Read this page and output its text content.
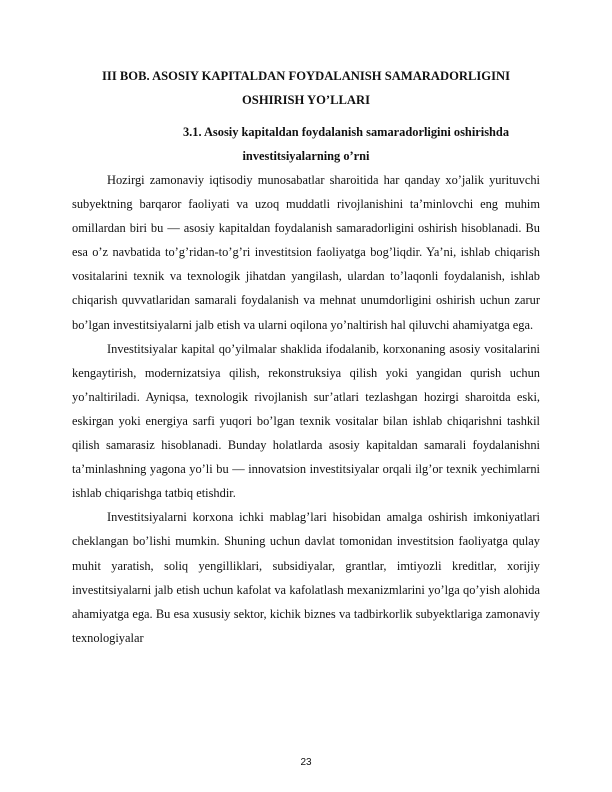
III BOB. ASOSIY KAPITALDAN FOYDALANISH SAMARADORLIGINI
OSHIRISH YO’LLARI
3.1. Asosiy kapitaldan foydalanish samaradorligini oshirishda
investitsiyalarning o’rni

Hozirgi zamonaviy iqtisodiy munosabatlar sharoitida har qanday xo’jalik yurituvchi subyektning barqaror faoliyati va uzoq muddatli rivojlanishini ta’minlovchi eng muhim omillardan biri bu — asosiy kapitaldan foydalanish samaradorligini oshirish hisoblanadi. Bu esa o’z navbatida to’g’ridan-to’g’ri investitsion faoliyatga bog’liqdir. Ya’ni, ishlab chiqarish vositalarini texnik va texnologik jihatdan yangilash, ulardan to’laqonli foydalanish, ishlab chiqarish quvvatlaridan samarali foydalanish va mehnat unumdorligini oshirish uchun zarur bo’lgan investitsiyalarni jalb etish va ularni oqilona yo’naltirish hal qiluvchi ahamiyatga ega.

Investitsiyalar kapital qo’yilmalar shaklida ifodalanib, korxonaning asosiy vositalarini kengaytirish, modernizatsiya qilish, rekonstruksiya qilish yoki yangidan qurish uchun yo’naltiriladi. Ayniqsa, texnologik rivojlanish sur’atlari tezlashgan hozirgi sharoitda eski, eskirgan yoki energiya sarfi yuqori bo’lgan texnik vositalar bilan ishlab chiqarishni tashkil qilish samarasiz hisoblanadi. Bunday holatlarda asosiy kapitaldan samarali foydalanishni ta’minlashning yagona yo’li bu — innovatsion investitsiyalar orqali ilg’or texnik yechimlarni ishlab chiqarishga tatbiq etishdir.

Investitsiyalarni korxona ichki mablag’lari hisobidan amalga oshirish imkoniyatlari cheklangan bo’lishi mumkin. Shuning uchun davlat tomonidan investitsion faoliyatga qulay muhit yaratish, soliq yengilliklari, subsidiyalar, grantlar, imtiyozli kreditlar, xorijiy investitsiyalarni jalb etish uchun kafolat va kafolatlash mexanizmlarini yo’lga qo’yish alohida ahamiyatga ega. Bu esa xususiy sektor, kichik biznes va tadbirkorlik subyektlariga zamonaviy texnologiyalar

23
